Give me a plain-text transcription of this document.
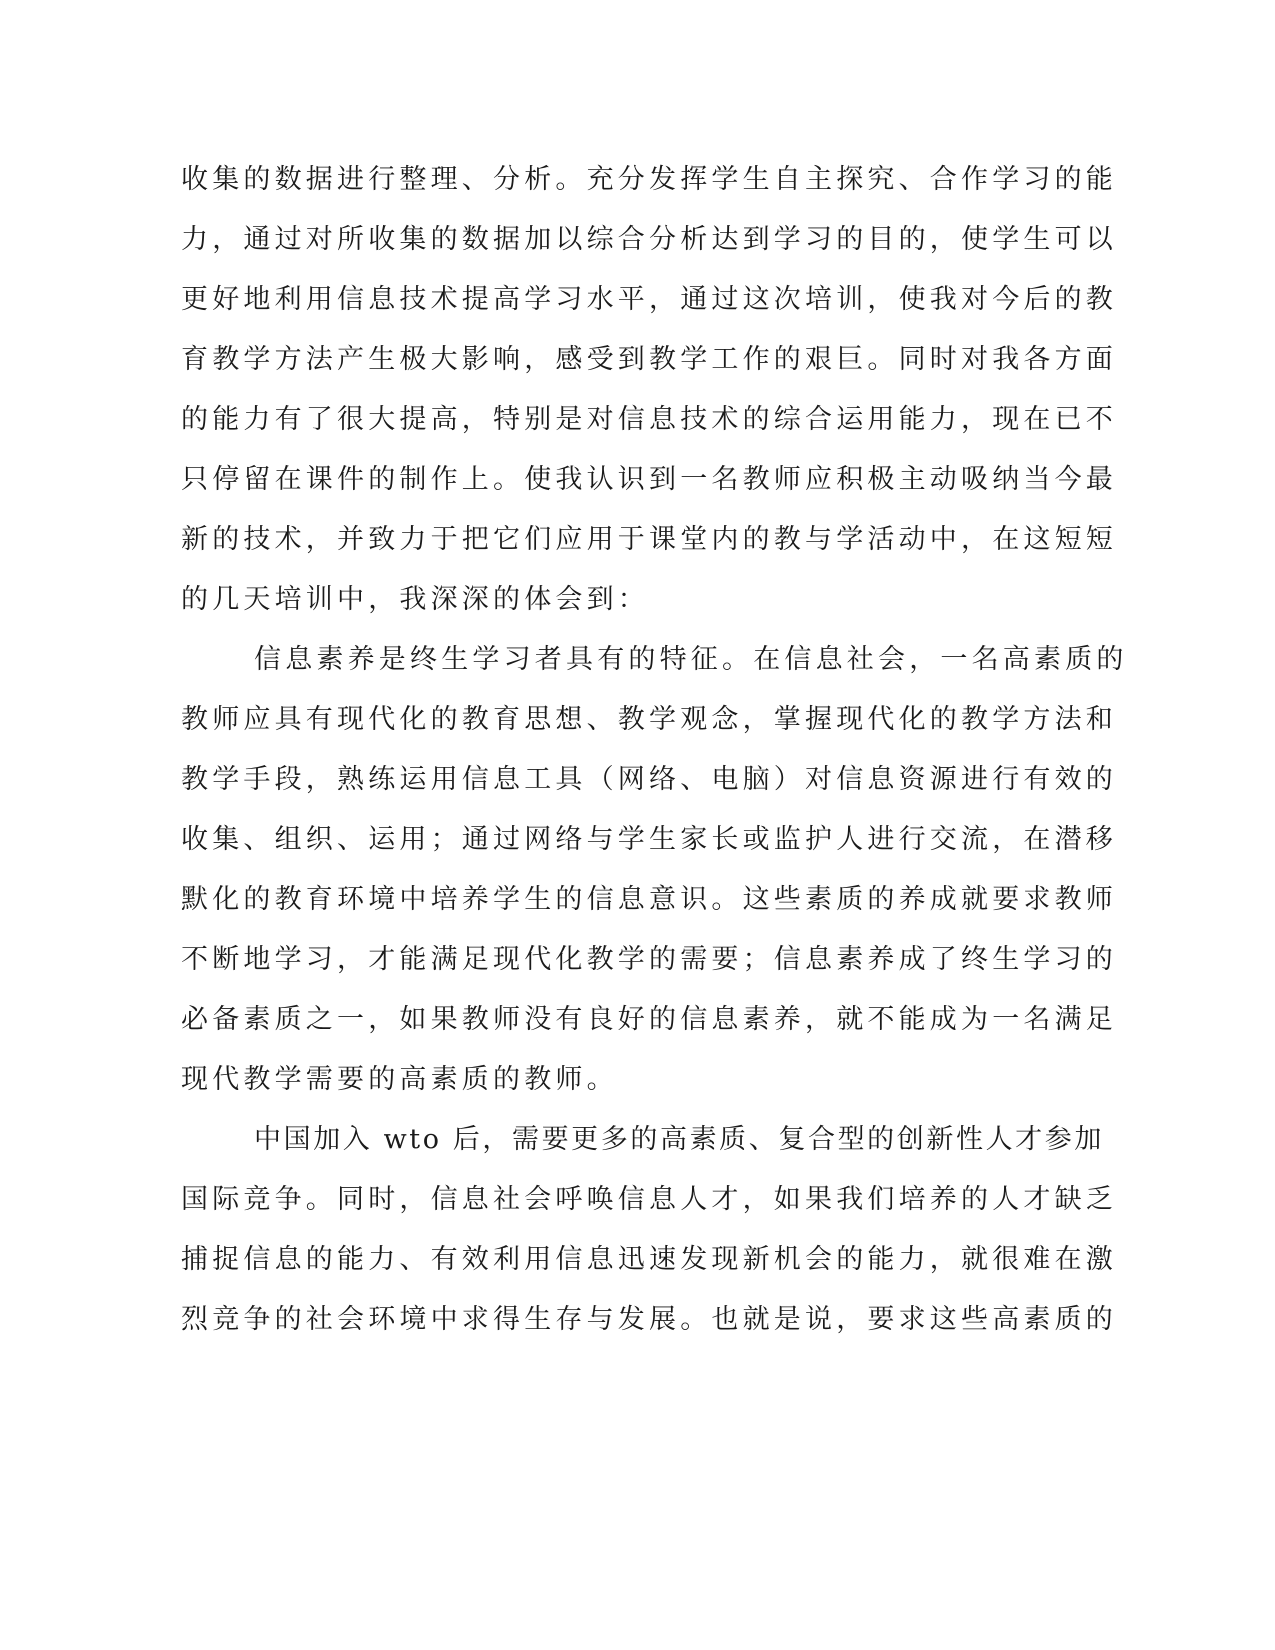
收集的数据进行整理、分析。充分发挥学生自主探究、合作学习的能
力，通过对所收集的数据加以综合分析达到学习的目的，使学生可以
更好地利用信息技术提高学习水平，通过这次培训，使我对今后的教
育教学方法产生极大影响，感受到教学工作的艰巨。同时对我各方面
的能力有了很大提高，特别是对信息技术的综合运用能力，现在已不
只停留在课件的制作上。使我认识到一名教师应积极主动吸纳当今最
新的技术，并致力于把它们应用于课堂内的教与学活动中，在这短短
的几天培训中，我深深的体会到：
信息素养是终生学习者具有的特征。在信息社会，一名高素质的
教师应具有现代化的教育思想、教学观念，掌握现代化的教学方法和
教学手段，熟练运用信息工具（网络、电脑）对信息资源进行有效的
收集、组织、运用；通过网络与学生家长或监护人进行交流，在潜移
默化的教育环境中培养学生的信息意识。这些素质的养成就要求教师
不断地学习，才能满足现代化教学的需要；信息素养成了终生学习的
必备素质之一，如果教师没有良好的信息素养，就不能成为一名满足
现代教学需要的高素质的教师。
中国加入 wto 后，需要更多的高素质、复合型的创新性人才参加
国际竞争。同时，信息社会呼唤信息人才，如果我们培养的人才缺乏
捕捉信息的能力、有效利用信息迅速发现新机会的能力，就很难在激
烈竞争的社会环境中求得生存与发展。也就是说，要求这些高素质的
